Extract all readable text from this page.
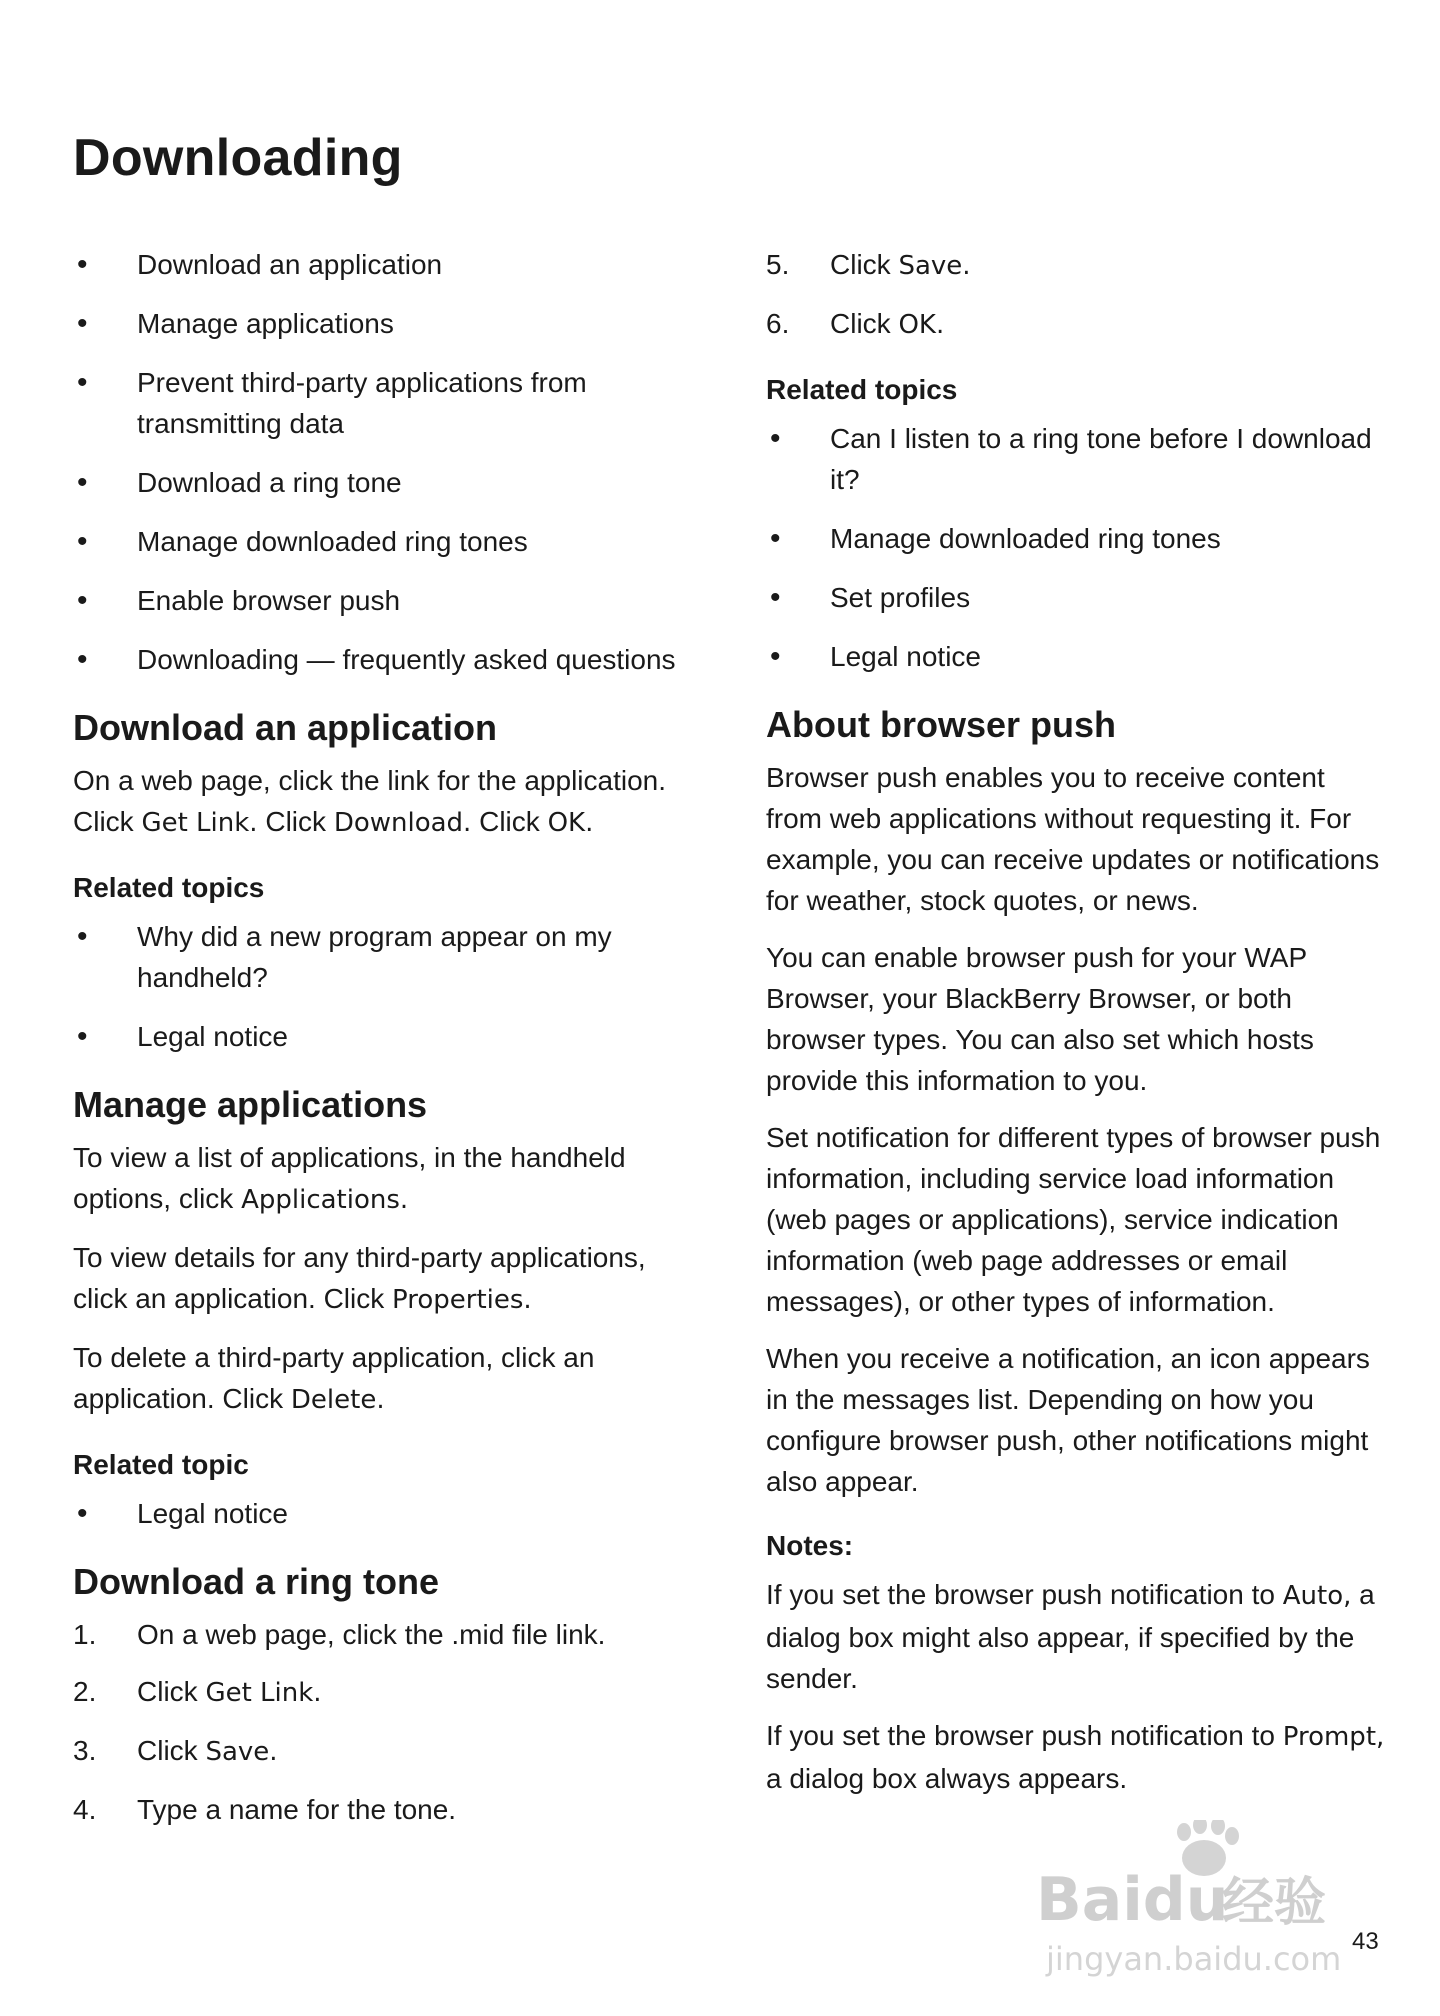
Downloading
• Download an application
• Manage applications
• Prevent third-party applications from transmitting data
• Download a ring tone
• Manage downloaded ring tones
• Enable browser push
• Downloading — frequently asked questions
Download an application

On a web page, click the link for the application. Click Get Link. Click Download. Click OK.

Related topics
• Why did a new program appear on my handheld?
• Legal notice
Manage applications

To view a list of applications, in the handheld options, click Applications.

To view details for any third-party applications, click an application. Click Properties.

To delete a third-party application, click an application. Click Delete.

Related topic
• Legal notice
Download a ring tone
1. On a web page, click the .mid file link.
2. Click Get Link.
3. Click Save.
4. Type a name for the tone.
5. Click Save.
6. Click OK.
Related topics
• Can I listen to a ring tone before I download it?
• Manage downloaded ring tones
• Set profiles
• Legal notice
About browser push

Browser push enables you to receive content from web applications without requesting it. For example, you can receive updates or notifications for weather, stock quotes, or news.

You can enable browser push for your WAP Browser, your BlackBerry Browser, or both browser types. You can also set which hosts provide this information to you.

Set notification for different types of browser push information, including service load information (web pages or applications), service indication information (web page addresses or email messages), or other types of information.

When you receive a notification, an icon appears in the messages list. Depending on how you configure browser push, other notifications might also appear.

Notes:

If you set the browser push notification to Auto, a dialog box might also appear, if specified by the sender.

If you set the browser push notification to Prompt, a dialog box always appears.

Baidu
经验
jingyan.baidu.com 43
